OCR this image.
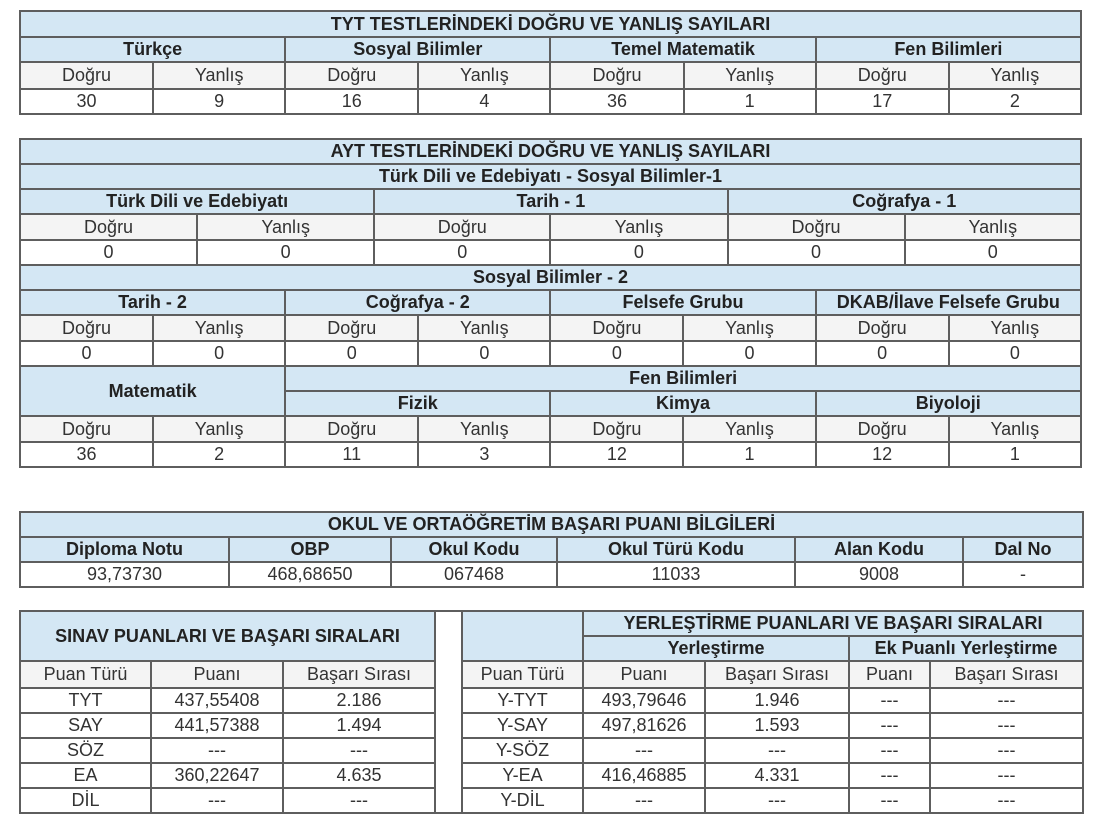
TYT TESTLERİNDEKİ DOĞRU VE YANLIŞ SAYILARI							
Türkçe		Sosyal Bilimler		Temel Matematik		Fen Bilimleri	
Doğru	Yanlış	Doğru	Yanlış	Doğru	Yanlış	Doğru	Yanlış
30	9	16	4	36	1	17	2
AYT TESTLERİNDEKİ DOĞRU VE YANLIŞ SAYILARI											
Türk Dili ve Edebiyatı - Sosyal Bilimler-1											
Türk Dili ve Edebiyatı				Tarih - 1				Coğrafya - 1			
Doğru		Yanlış		Doğru		Yanlış		Doğru		Yanlış	
0		0		0		0		0		0	
Sosyal Bilimler - 2											
Tarih - 2			Coğrafya - 2			Felsefe Grubu			DKAB/İlave Felsefe Grubu		
Doğru	Yanlış		Doğru		Yanlış	Doğru	Yanlış		Doğru		Yanlış
0	0		0		0	0	0		0		0
Matematik			Fen Bilimleri								
			Fizik			Kimya			Biyoloji		
Doğru	Yanlış		Doğru		Yanlış	Doğru	Yanlış		Doğru		Yanlış
36	2		11		3	12	1		12		1
OKUL VE ORTAÖĞRETİM BAŞARI PUANI BİLGİLERİ					
Diploma Notu	OBP	Okul Kodu	Okul Türü Kodu	Alan Kodu	Dal No
93,73730	468,68650	067468	11033	9008	-
SINAV PUANLARI VE BAŞARI SIRALARI					YERLEŞTİRME PUANLARI VE BAŞARI SIRALARI			
					Yerleştirme		Ek Puanlı Yerleştirme	
Puan Türü	Puanı	Başarı Sırası		Puan Türü	Puanı	Başarı Sırası	Puanı	Başarı Sırası
TYT	437,55408	2.186		Y-TYT	493,79646	1.946	---	---
SAY	441,57388	1.494		Y-SAY	497,81626	1.593	---	---
SÖZ	---	---		Y-SÖZ	---	---	---	---
EA	360,22647	4.635		Y-EA	416,46885	4.331	---	---
DİL	---	---		Y-DİL	---	---	---	---
